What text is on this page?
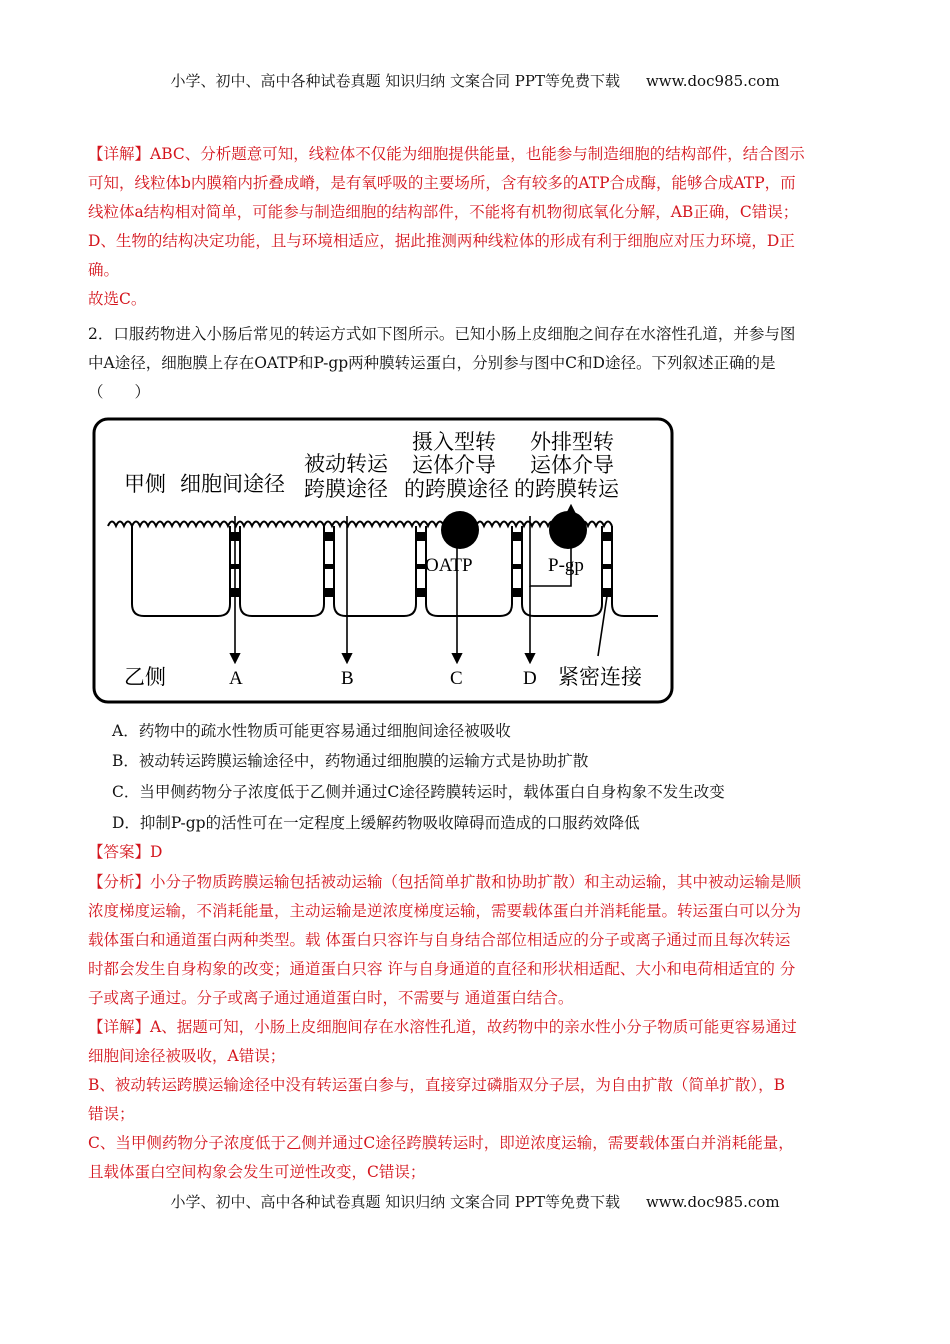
小学、初中、高中各种试卷真题 知识归纳 文案合同 PPT等免费下载 www.doc985.com
【详解】ABC、分析题意可知，线粒体不仅能为细胞提供能量，也能参与制造细胞的结构部件，结合图示
可知，线粒体b内膜箱内折叠成嵴，是有氧呼吸的主要场所，含有较多的ATP合成酶，能够合成ATP，而
线粒体a结构相对简单，可能参与制造细胞的结构部件，不能将有机物彻底氧化分解，AB正确，C错误；
D、生物的结构决定功能，且与环境相适应，据此推测两种线粒体的形成有利于细胞应对压力环境，D正
确。
故选C。
2．口服药物进入小肠后常见的转运方式如下图所示。已知小肠上皮细胞之间存在水溶性孔道，并参与图
中A途径，细胞膜上存在OATP和P-gp两种膜转运蛋白，分别参与图中C和D途径。下列叙述正确的是
（　　）
甲侧 细胞间途径
被动转运
跨膜途径
摄入型转
运体介导
的跨膜途径
外排型转
运体介导
的跨膜转运
乙侧	紧密连接
OATP	P-gp
A	B	C	D
A．药物中的疏水性物质可能更容易通过细胞间途径被吸收
B．被动转运跨膜运输途径中，药物通过细胞膜的运输方式是协助扩散
C．当甲侧药物分子浓度低于乙侧并通过C途径跨膜转运时，载体蛋白自身构象不发生改变
D．抑制P-gp的活性可在一定程度上缓解药物吸收障碍而造成的口服药效降低
【答案】D
【分析】小分子物质跨膜运输包括被动运输（包括简单扩散和协助扩散）和主动运输，其中被动运输是顺
浓度梯度运输，不消耗能量，主动运输是逆浓度梯度运输，需要载体蛋白并消耗能量。转运蛋白可以分为
载体蛋白和通道蛋白两种类型。载 体蛋白只容许与自身结合部位相适应的分子或离子通过而且每次转运
时都会发生自身构象的改变；通道蛋白只容 许与自身通道的直径和形状相适配、大小和电荷相适宜的 分
子或离子通过。分子或离子通过通道蛋白时，不需要与 通道蛋白结合。
【详解】A、据题可知，小肠上皮细胞间存在水溶性孔道，故药物中的亲水性小分子物质可能更容易通过
细胞间途径被吸收，A错误；
B、被动转运跨膜运输途径中没有转运蛋白参与，直接穿过磷脂双分子层，为自由扩散（简单扩散），B
错误；
C、当甲侧药物分子浓度低于乙侧并通过C途径跨膜转运时，即逆浓度运输，需要载体蛋白并消耗能量，
且载体蛋白空间构象会发生可逆性改变，C错误；
小学、初中、高中各种试卷真题 知识归纳 文案合同 PPT等免费下载 www.doc985.com
